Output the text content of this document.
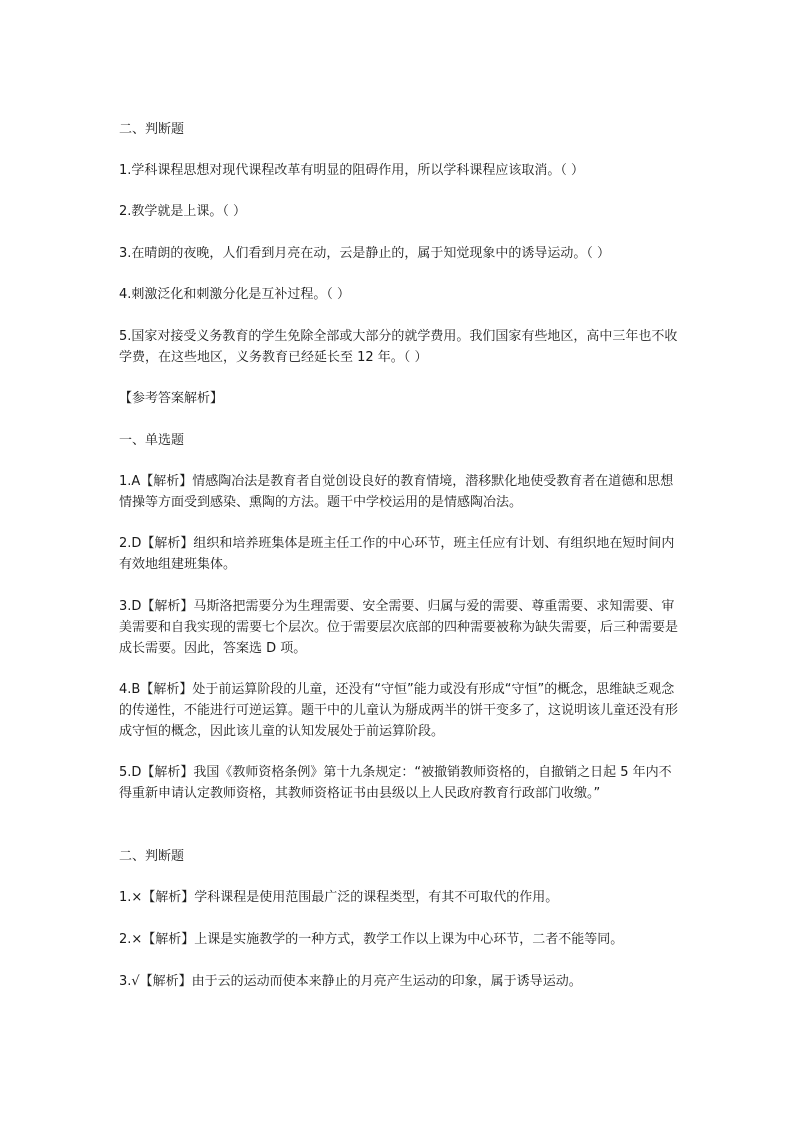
二、判断题

1.学科课程思想对现代课程改革有明显的阻碍作用，所以学科课程应该取消。（ ）

2.教学就是上课。（ ）

3.在晴朗的夜晚，人们看到月亮在动，云是静止的，属于知觉现象中的诱导运动。（ ）

4.刺激泛化和刺激分化是互补过程。（ ）

5.国家对接受义务教育的学生免除全部或大部分的就学费用。我们国家有些地区，高中三年也不收学费，在这些地区，义务教育已经延长至 12 年。（ ）

【参考答案解析】

一、单选题

1.A【解析】情感陶冶法是教育者自觉创设良好的教育情境，潜移默化地使受教育者在道德和思想情操等方面受到感染、熏陶的方法。题干中学校运用的是情感陶冶法。

2.D【解析】组织和培养班集体是班主任工作的中心环节，班主任应有计划、有组织地在短时间内有效地组建班集体。

3.D【解析】马斯洛把需要分为生理需要、安全需要、归属与爱的需要、尊重需要、求知需要、审美需要和自我实现的需要七个层次。位于需要层次底部的四种需要被称为缺失需要，后三种需要是成长需要。因此，答案选 D 项。

4.B【解析】处于前运算阶段的儿童，还没有“守恒”能力或没有形成“守恒”的概念，思维缺乏观念的传递性，不能进行可逆运算。题干中的儿童认为掰成两半的饼干变多了，这说明该儿童还没有形成守恒的概念，因此该儿童的认知发展处于前运算阶段。

5.D【解析】我国《教师资格条例》第十九条规定：“被撤销教师资格的，自撤销之日起 5 年内不得重新申请认定教师资格，其教师资格证书由县级以上人民政府教育行政部门收缴。”

二、判断题

1.×【解析】学科课程是使用范围最广泛的课程类型，有其不可取代的作用。

2.×【解析】上课是实施教学的一种方式，教学工作以上课为中心环节，二者不能等同。

3.√【解析】由于云的运动而使本来静止的月亮产生运动的印象，属于诱导运动。
